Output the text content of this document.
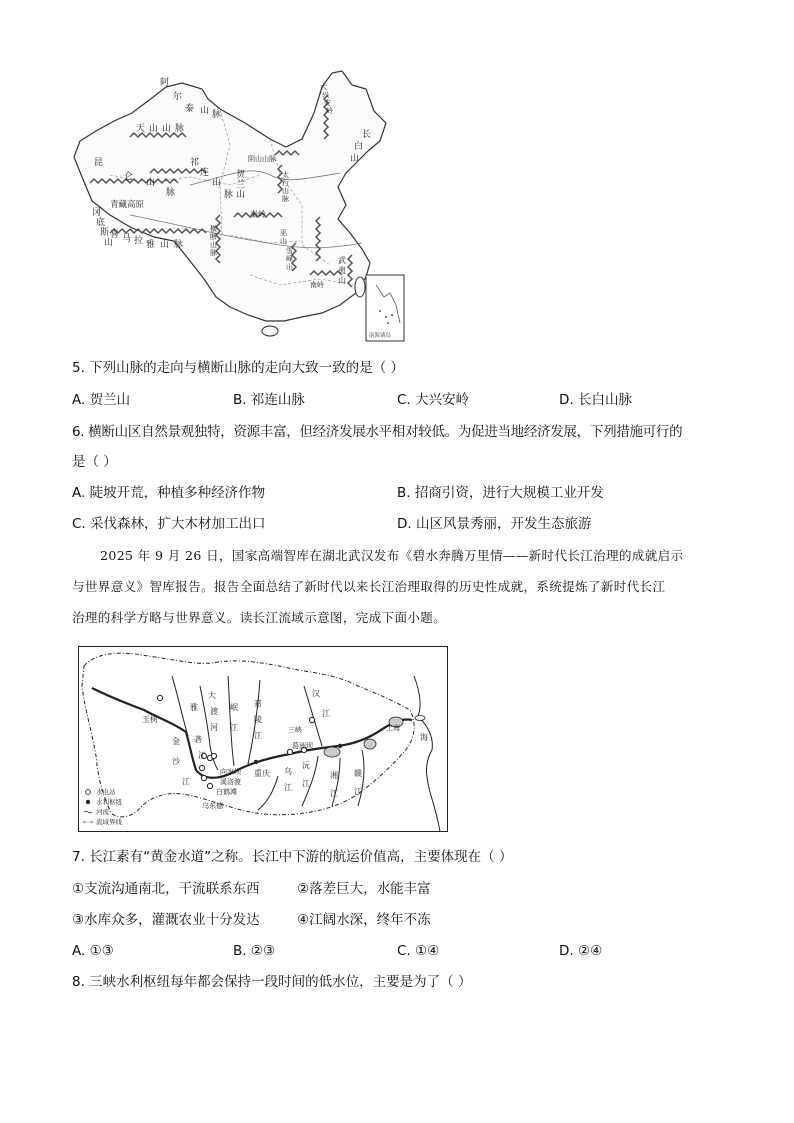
阿
尔
泰 山 脉
天山山脉
昆
仑
山
脉
祁
连
山
脉
青藏高原
冈
底
斯
山
喜 马 拉 雅 山 脉
横
断
山
脉
阴山山脉
贺
兰
山
太
行
山
脉
秦岭
大
兴
安
岭
长
白
山
巫
山
雪
峰
山
武
夷
山
南岭
南海诸岛
5. 下列山脉的走向与横断山脉的走向大致一致的是（ ）
A. 贺兰山	B. 祁连山脉	C. 大兴安岭	D. 长白山脉
6. 横断山区自然景观独特，资源丰富，但经济发展水平相对较低。为促进当地经济发展，下列措施可行的
是（ ）
A. 陡坡开荒，种植多种经济作物	B. 招商引资，进行大规模工业开发
C. 采伐森林，扩大木材加工出口	D. 山区风景秀丽，开发生态旅游
2025 年 9 月 26 日，国家高端智库在湖北武汉发布《碧水奔腾万里情——新时代长江治理的成就启示
与世界意义》智库报告。报告全面总结了新时代以来长江治理取得的历史性成就，系统提炼了新时代长江
治理的科学方略与世界意义。读长江流域示意图，完成下面小题。
玉树
金
沙
江
雅
砻
江
大
渡
河
岷
江
嘉
陵
江
重庆
向家坝
溪洛渡
白鹤滩
乌东德
乌
江
三峡
葛洲坝
汉
江
沅
江
湘
江
赣
江
上海
海
水电站
水利枢纽
河流
流域界线
7. 长江素有“黄金水道”之称。长江中下游的航运价值高，主要体现在（ ）
①支流沟通南北，干流联系东西	②落差巨大，水能丰富
③水库众多，灌溉农业十分发达	④江阔水深，终年不冻
A. ①③	B. ②③	C. ①④	D. ②④
8. 三峡水利枢纽每年都会保持一段时间的低水位，主要是为了（ ）
